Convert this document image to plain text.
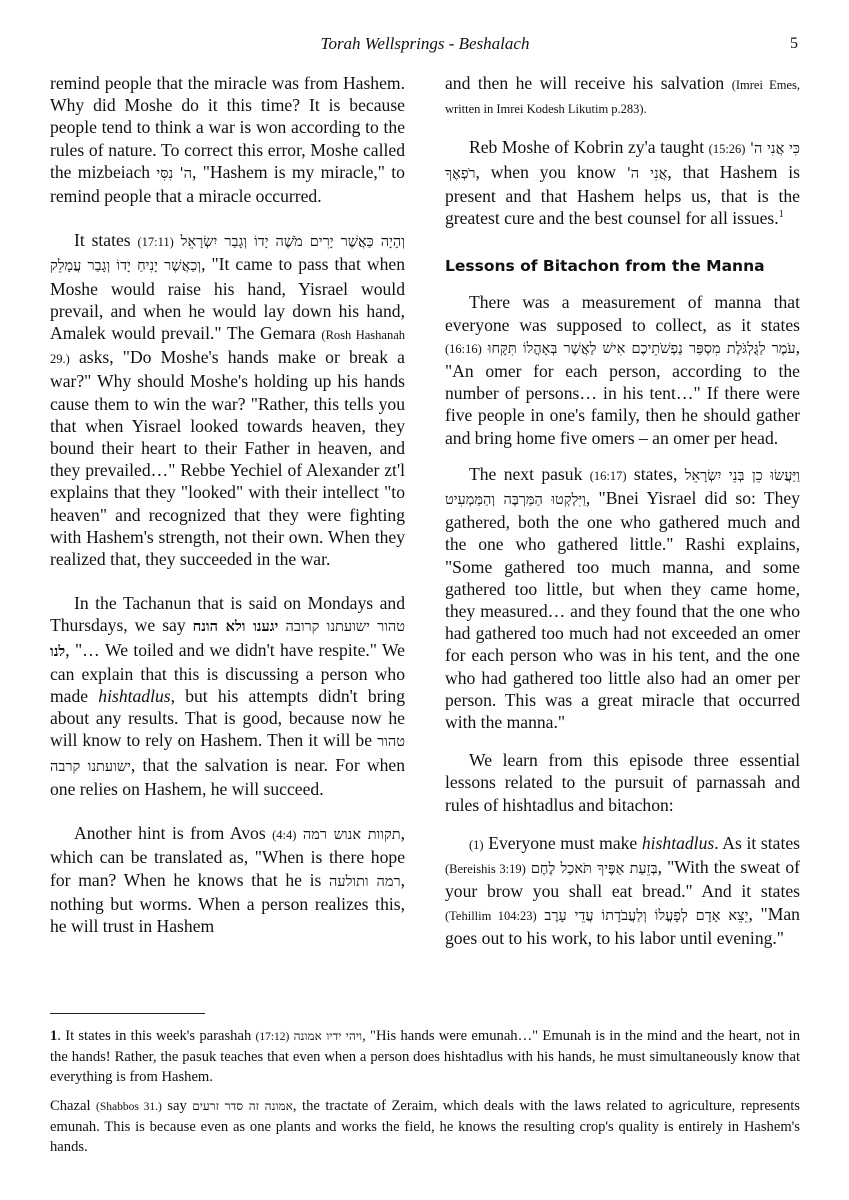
Torah Wellsprings - Beshalach	5

remind people that the miracle was from Hashem. Why did Moshe do it this time? It is because people tend to think a war is won according to the rules of nature. To correct this error, Moshe called the mizbeiach ה' נִסִּי, "Hashem is my miracle," to remind people that a miracle occurred.

It states (17:11) וְהָיָה כַּאֲשֶׁר יָרִים מֹשֶׁה יָדוֹ וְגָבַר יִשְׂרָאֵל וְכַאֲשֶׁר יָנִיחַ יָדוֹ וְגָבַר עֲמָלֵק, "It came to pass that when Moshe would raise his hand, Yisrael would prevail, and when he would lay down his hand, Amalek would prevail." The Gemara (Rosh Hashanah 29.) asks, "Do Moshe's hands make or break a war?" Why should Moshe's holding up his hands cause them to win the war? "Rather, this tells you that when Yisrael looked towards heaven, they bound their heart to their Father in heaven, and they prevailed…" Rebbe Yechiel of Alexander zt'l explains that they "looked" with their intellect "to heaven" and recognized that they were fighting with Hashem's strength, not their own. When they realized that, they succeeded in the war.

In the Tachanun that is said on Mondays and Thursdays, we say	טהור ישועתנו קרובה יגענו ולא הונח לנו, "… We toiled and we didn't have respite." We can explain that this is discussing a person who made hishtadlus, but his attempts didn't bring about any results. That is good, because now he will know to rely on Hashem. Then it will be טהור ישועתנו קרבה, that the salvation is near. For when one relies on Hashem, he will succeed.

Another hint is from Avos (4:4) תקוות אנוש רמה, which can be translated as, "When is there hope for man? When he knows that he is רמה ותולעה, nothing but worms. When a person realizes this, he will trust in Hashem

and then he will receive his salvation (Imrei Emes, written in Imrei Kodesh Likutim p.283).

Reb Moshe of Kobrin zy'a taught (15:26) כִּי אֲנִי ה' רֹפְאֶךָ, when you know אֲנִי ה', that Hashem is present and that Hashem helps us, that is the greatest cure and the best counsel for all issues.$^1$

Lessons of Bitachon from the Manna

There was a measurement of manna that everyone was supposed to collect, as it states (16:16) עֹמֶר לַגֻּלְגֹּלֶת מִסְפַּר נַפְשֹׁתֵיכֶם אִישׁ לַאֲשֶׁר בְּאָהֳלוֹ תִּקָּחוּ, "An omer for each person, according to the number of persons… in his tent…" If there were five people in one's family, then he should gather and bring home five omers – an omer per head.

The next pasuk (16:17) states, וַיַּעֲשׂוּ כֵן בְּנֵי יִשְׂרָאֵל וַיִּלְקְטוּ הַמַּרְבֶּה וְהַמַּמְעִיט, "Bnei Yisrael did so: They gathered, both the one who gathered much and the one who gathered little." Rashi explains, "Some gathered too much manna, and some gathered too little, but when they came home, they measured… and they found that the one who had gathered too much had not exceeded an omer for each person who was in his tent, and the one who had gathered too little also had an omer per person. This was a great miracle that occurred with the manna."

We learn from this episode three essential lessons related to the pursuit of parnassah and rules of hishtadlus and bitachon:

(1) Everyone must make hishtadlus. As it states (Bereishis 3:19) בְּזֵעַת אַפֶּיךָ תֹּאכַל לֶחֶם, "With the sweat of your brow you shall eat bread." And it states (Tehillim 104:23) יֵצֵא אָדָם לְפָעֳלוֹ וְלַעֲבֹדָתוֹ עֲדֵי עָרֶב, "Man goes out to his work, to his labor until evening."

1. It states in this week's parashah (17:12) ויהי ידיו אמונה, "His hands were emunah…" Emunah is in the mind and the heart, not in the hands! Rather, the pasuk teaches that even when a person does hishtadlus with his hands, he must simultaneously know that everything is from Hashem.

Chazal (Shabbos 31.) say אמונה זה סדר זרעים, the tractate of Zeraim, which deals with the laws related to agriculture, represents emunah. This is because even as one plants and works the field, he knows the resulting crop's quality is entirely in Hashem's hands.
